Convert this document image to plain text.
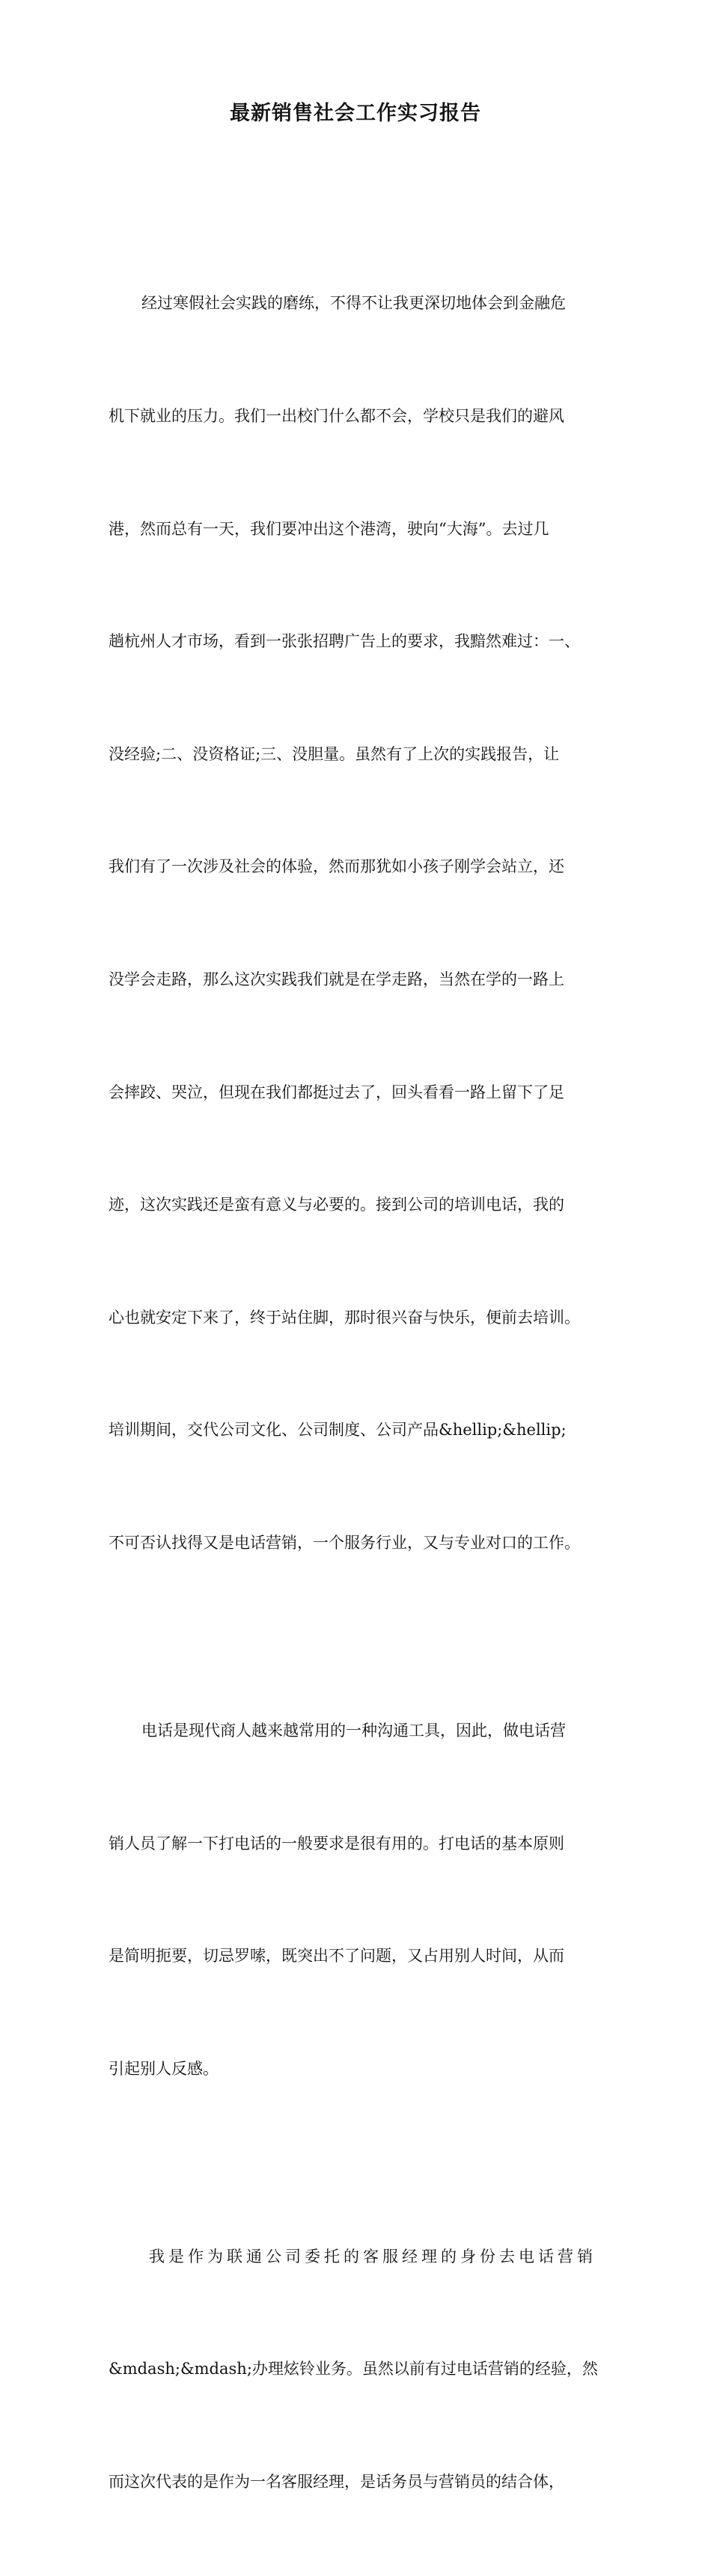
最新销售社会工作实习报告

经过寒假社会实践的磨练，不得不让我更深切地体会到金融危

机下就业的压力。我们一出校门什么都不会，学校只是我们的避风

港，然而总有一天，我们要冲出这个港湾，驶向“大海”。去过几

趟杭州人才市场，看到一张张招聘广告上的要求，我黯然难过：一、

没经验;二、没资格证;三、没胆量。虽然有了上次的实践报告，让

我们有了一次涉及社会的体验，然而那犹如小孩子刚学会站立，还

没学会走路，那么这次实践我们就是在学走路，当然在学的一路上

会摔跤、哭泣，但现在我们都挺过去了，回头看看一路上留下了足

迹，这次实践还是蛮有意义与必要的。接到公司的培训电话，我的

心也就安定下来了，终于站住脚，那时很兴奋与快乐，便前去培训。

培训期间，交代公司文化、公司制度、公司产品&hellip;&hellip;

不可否认找得又是电话营销，一个服务行业，又与专业对口的工作。

电话是现代商人越来越常用的一种沟通工具，因此，做电话营

销人员了解一下打电话的一般要求是很有用的。打电话的基本原则

是简明扼要，切忌罗嗦，既突出不了问题，又占用别人时间，从而

引起别人反感。

我是作为联通公司委托的客服经理的身份去电话营销

&mdash;&mdash;办理炫铃业务。虽然以前有过电话营销的经验，然

而这次代表的是作为一名客服经理，是话务员与营销员的结合体，
